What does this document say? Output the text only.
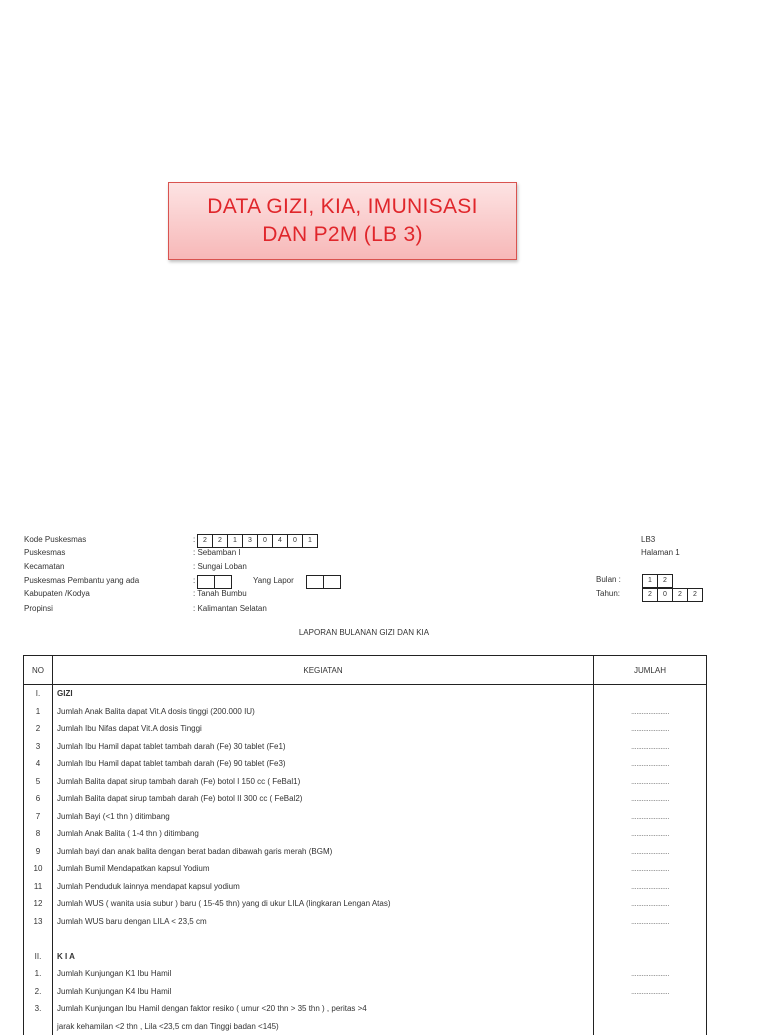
DATA GIZI, KIA, IMUNISASI
DAN P2M (LB 3)
Kode Puskesmas	:	2	2	1	3	0	4	0	1
Puskesmas	: Sebamban I
Kecamatan	: Sungai Loban
Puskesmas Pembantu yang ada	:	Yang Lapor
Kabupaten /Kodya	: Tanah Bumbu
Propinsi	: Kalimantan Selatan
LB3
Halaman 1
Bulan :	1	2
Tahun:	2	0	2	2
LAPORAN BULANAN GIZI DAN KIA
NO	KEGIATAN	JUMLAH
I.	GIZI	
1	Jumlah Anak Balita dapat Vit.A dosis tinggi (200.000 IU)	......................
2	Jumlah Ibu Nifas dapat Vit.A dosis Tinggi	......................
3	Jumlah Ibu Hamil dapat tablet tambah darah (Fe) 30 tablet (Fe1)	......................
4	Jumlah Ibu Hamil dapat tablet tambah darah (Fe) 90 tablet (Fe3)	......................
5	Jumlah Balita dapat sirup tambah darah (Fe) botol I 150 cc ( FeBal1)	......................
6	Jumlah Balita dapat sirup tambah darah (Fe) botol II 300 cc ( FeBal2)	......................
7	Jumlah Bayi (<1 thn ) ditimbang	......................
8	Jumlah Anak Balita ( 1-4 thn ) ditimbang	......................
9	Jumlah bayi dan anak balita dengan berat badan dibawah garis merah (BGM)	......................
10	Jumlah Bumil Mendapatkan kapsul Yodium	......................
11	Jumlah Penduduk lainnya mendapat kapsul yodium	......................
12	Jumlah WUS ( wanita usia subur ) baru ( 15-45 thn) yang di ukur LILA (lingkaran Lengan Atas)	......................
13	Jumlah WUS baru dengan LILA < 23,5 cm	......................

II.	K I A	
1.	Jumlah Kunjungan K1 Ibu Hamil	......................
2.	Jumlah Kunjungan K4 Ibu Hamil	......................
3.	Jumlah Kunjungan Ibu Hamil dengan faktor resiko ( umur <20 thn > 35 thn ) , peritas >4	
	jarak kehamilan <2 thn , Lila <23,5 cm dan Tinggi badan <145)	
